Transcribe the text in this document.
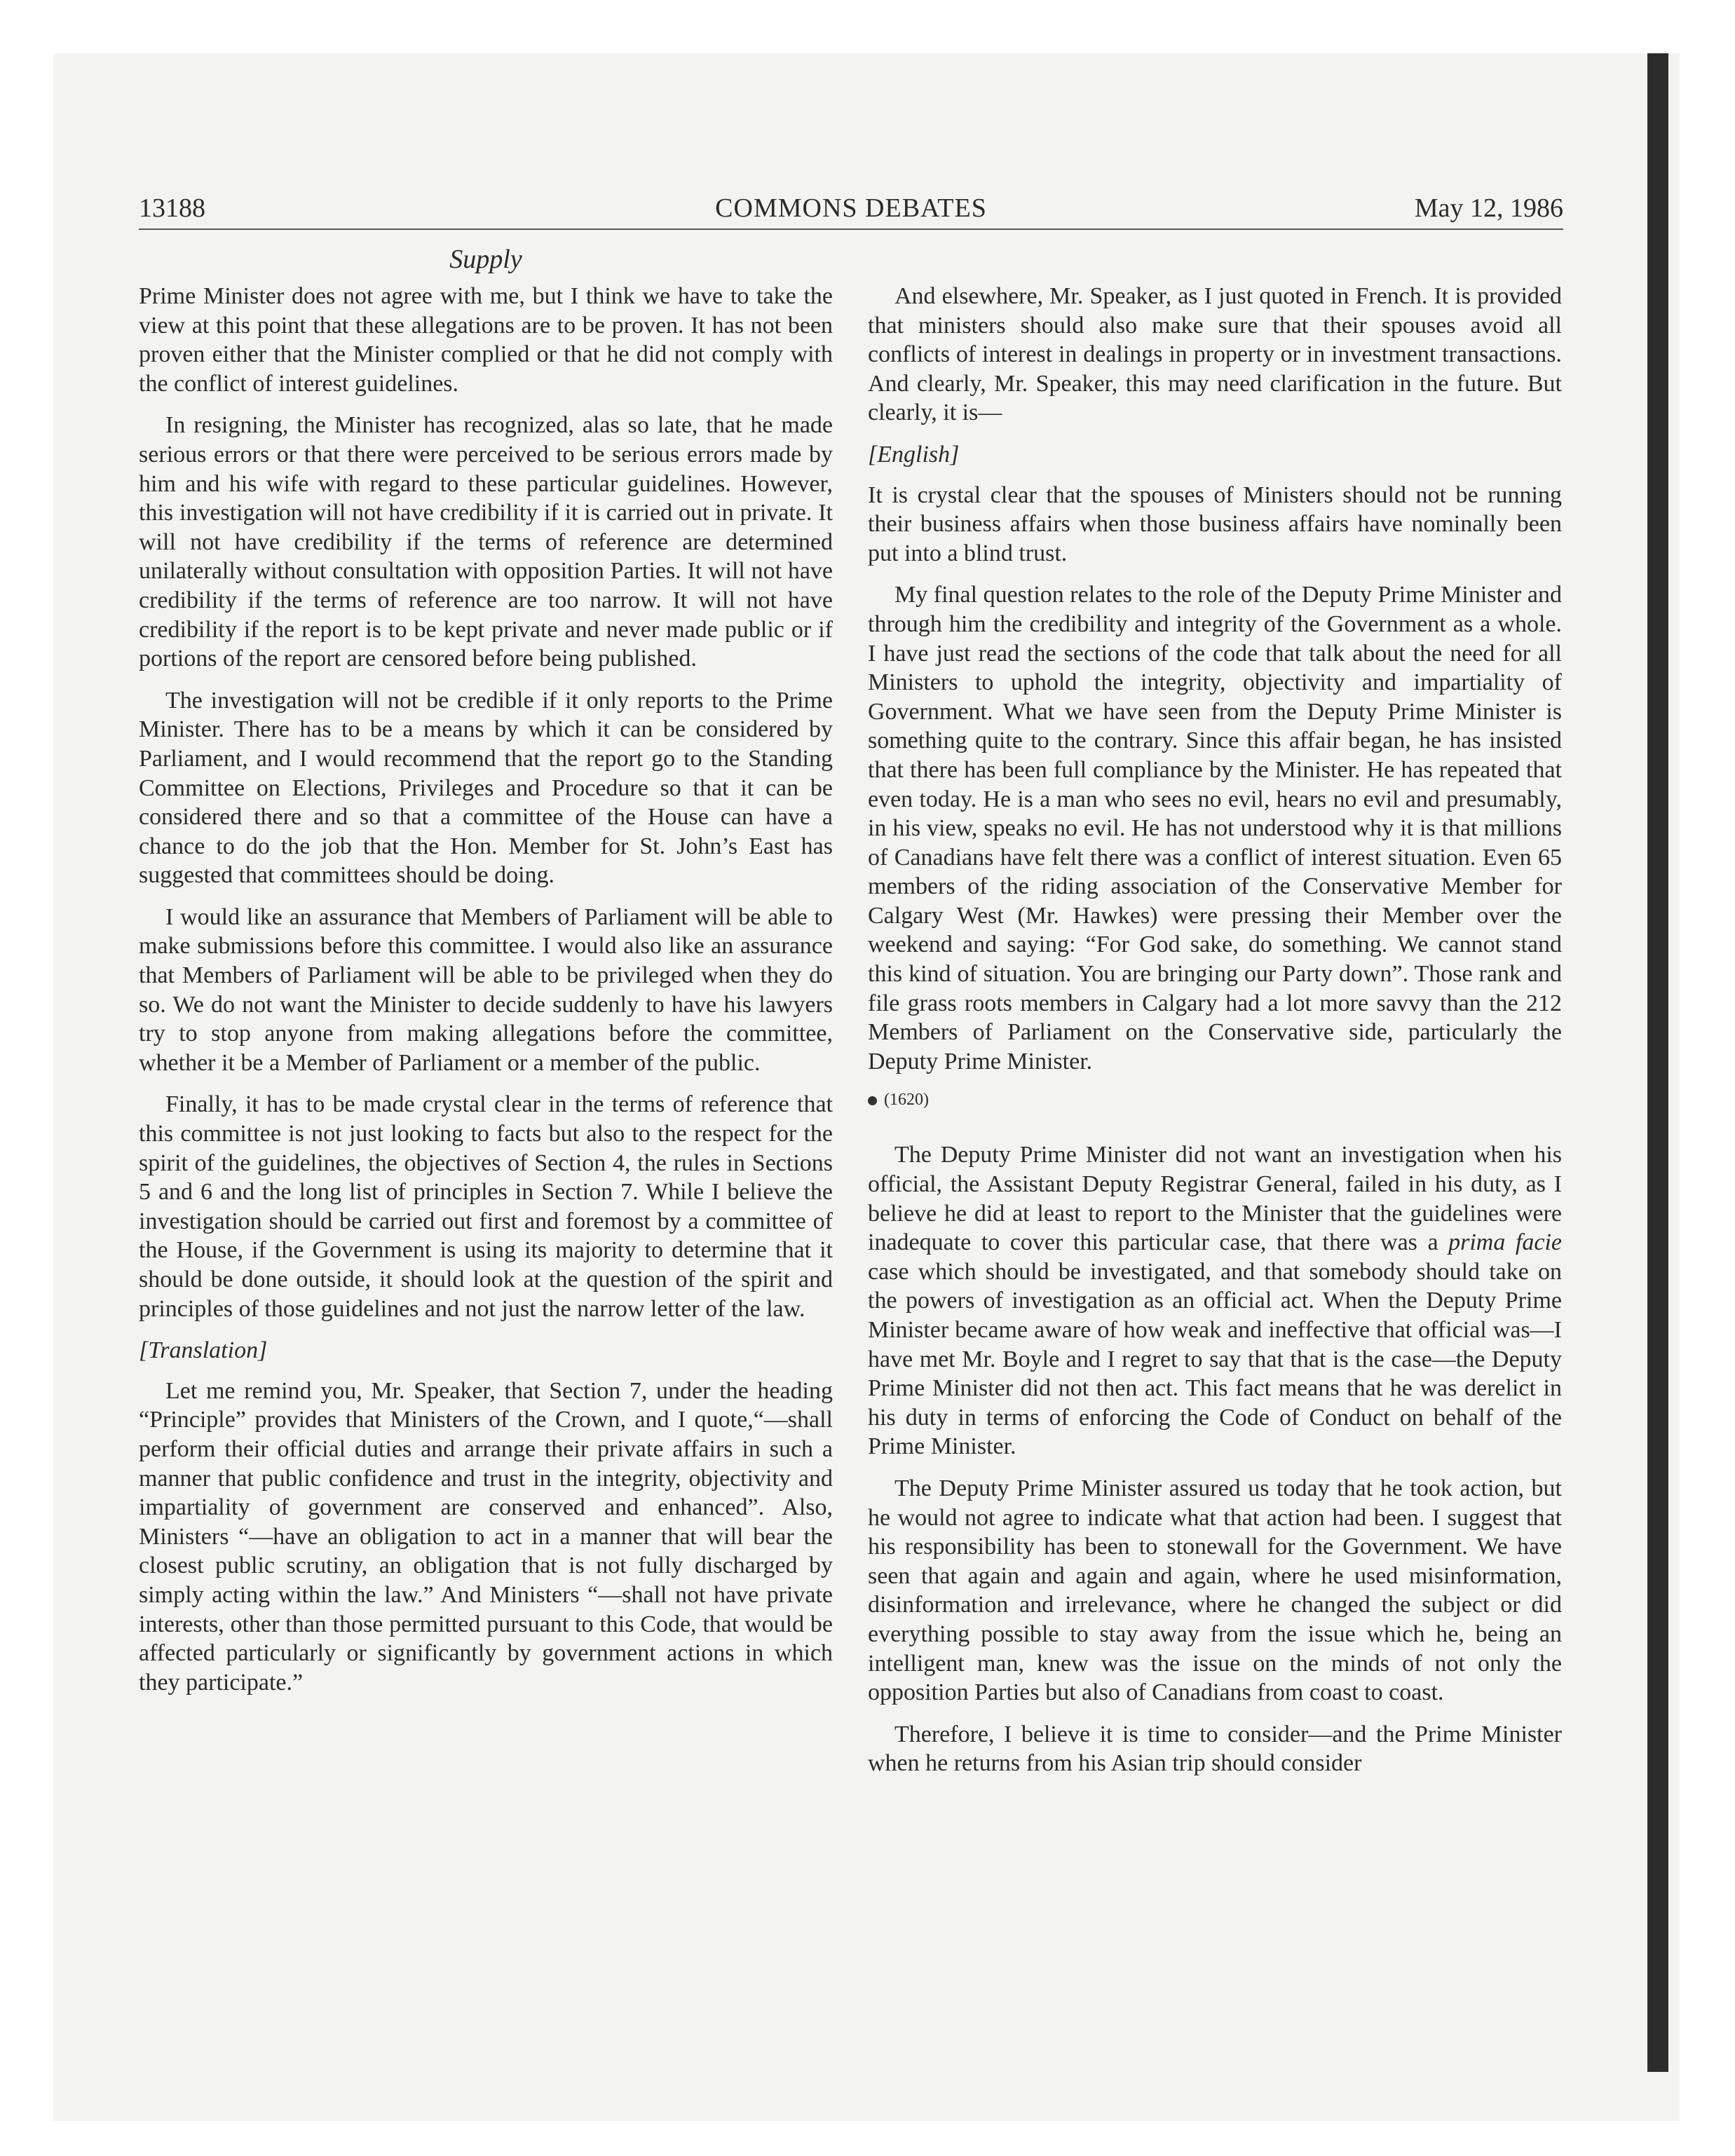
13188	COMMONS DEBATES	May 12, 1986
Supply

Prime Minister does not agree with me, but I think we have to take the view at this point that these allegations are to be proven. It has not been proven either that the Minister complied or that he did not comply with the conflict of interest guidelines.

In resigning, the Minister has recognized, alas so late, that he made serious errors or that there were perceived to be serious errors made by him and his wife with regard to these particular guidelines. However, this investigation will not have credibility if it is carried out in private. It will not have credibility if the terms of reference are determined unilaterally without consultation with opposition Parties. It will not have credibility if the terms of reference are too narrow. It will not have credibility if the report is to be kept private and never made public or if portions of the report are censored before being published.

The investigation will not be credible if it only reports to the Prime Minister. There has to be a means by which it can be considered by Parliament, and I would recommend that the report go to the Standing Committee on Elections, Privileges and Procedure so that it can be considered there and so that a committee of the House can have a chance to do the job that the Hon. Member for St. John’s East has suggested that committees should be doing.

I would like an assurance that Members of Parliament will be able to make submissions before this committee. I would also like an assurance that Members of Parliament will be able to be privileged when they do so. We do not want the Minister to decide suddenly to have his lawyers try to stop anyone from making allegations before the committee, whether it be a Member of Parliament or a member of the public.

Finally, it has to be made crystal clear in the terms of reference that this committee is not just looking to facts but also to the respect for the spirit of the guidelines, the objectives of Section 4, the rules in Sections 5 and 6 and the long list of principles in Section 7. While I believe the investigation should be carried out first and foremost by a committee of the House, if the Government is using its majority to determine that it should be done outside, it should look at the question of the spirit and principles of those guidelines and not just the narrow letter of the law.

[Translation]

Let me remind you, Mr. Speaker, that Section 7, under the heading “Principle” provides that Ministers of the Crown, and I quote,“—shall perform their official duties and arrange their private affairs in such a manner that public confidence and trust in the integrity, objectivity and impartiality of government are conserved and enhanced”. Also, Ministers “—have an obligation to act in a manner that will bear the closest public scrutiny, an obligation that is not fully discharged by simply acting within the law.” And Ministers “—shall not have private interests, other than those permitted pursuant to this Code, that would be affected particularly or significantly by government actions in which they participate.”

And elsewhere, Mr. Speaker, as I just quoted in French. It is provided that ministers should also make sure that their spouses avoid all conflicts of interest in dealings in property or in investment transactions. And clearly, Mr. Speaker, this may need clarification in the future. But clearly, it is—

[English]

It is crystal clear that the spouses of Ministers should not be running their business affairs when those business affairs have nominally been put into a blind trust.

My final question relates to the role of the Deputy Prime Minister and through him the credibility and integrity of the Government as a whole. I have just read the sections of the code that talk about the need for all Ministers to uphold the integrity, objectivity and impartiality of Government. What we have seen from the Deputy Prime Minister is something quite to the contrary. Since this affair began, he has insisted that there has been full compliance by the Minister. He has repeated that even today. He is a man who sees no evil, hears no evil and presumably, in his view, speaks no evil. He has not understood why it is that millions of Canadians have felt there was a conflict of interest situation. Even 65 members of the riding association of the Conservative Member for Calgary West (Mr. Hawkes) were pressing their Member over the weekend and saying: “For God sake, do something. We cannot stand this kind of situation. You are bringing our Party down”. Those rank and file grass roots members in Calgary had a lot more savvy than the 212 Members of Parliament on the Conservative side, particularly the Deputy Prime Minister.

(1620)

The Deputy Prime Minister did not want an investigation when his official, the Assistant Deputy Registrar General, failed in his duty, as I believe he did at least to report to the Minister that the guidelines were inadequate to cover this particular case, that there was a prima facie case which should be investigated, and that somebody should take on the powers of investigation as an official act. When the Deputy Prime Minister became aware of how weak and ineffective that official was—I have met Mr. Boyle and I regret to say that that is the case—the Deputy Prime Minister did not then act. This fact means that he was derelict in his duty in terms of enforcing the Code of Conduct on behalf of the Prime Minister.

The Deputy Prime Minister assured us today that he took action, but he would not agree to indicate what that action had been. I suggest that his responsibility has been to stonewall for the Government. We have seen that again and again and again, where he used misinformation, disinformation and irrelevance, where he changed the subject or did everything possible to stay away from the issue which he, being an intelligent man, knew was the issue on the minds of not only the opposition Parties but also of Canadians from coast to coast.

Therefore, I believe it is time to consider—and the Prime Minister when he returns from his Asian trip should consider
